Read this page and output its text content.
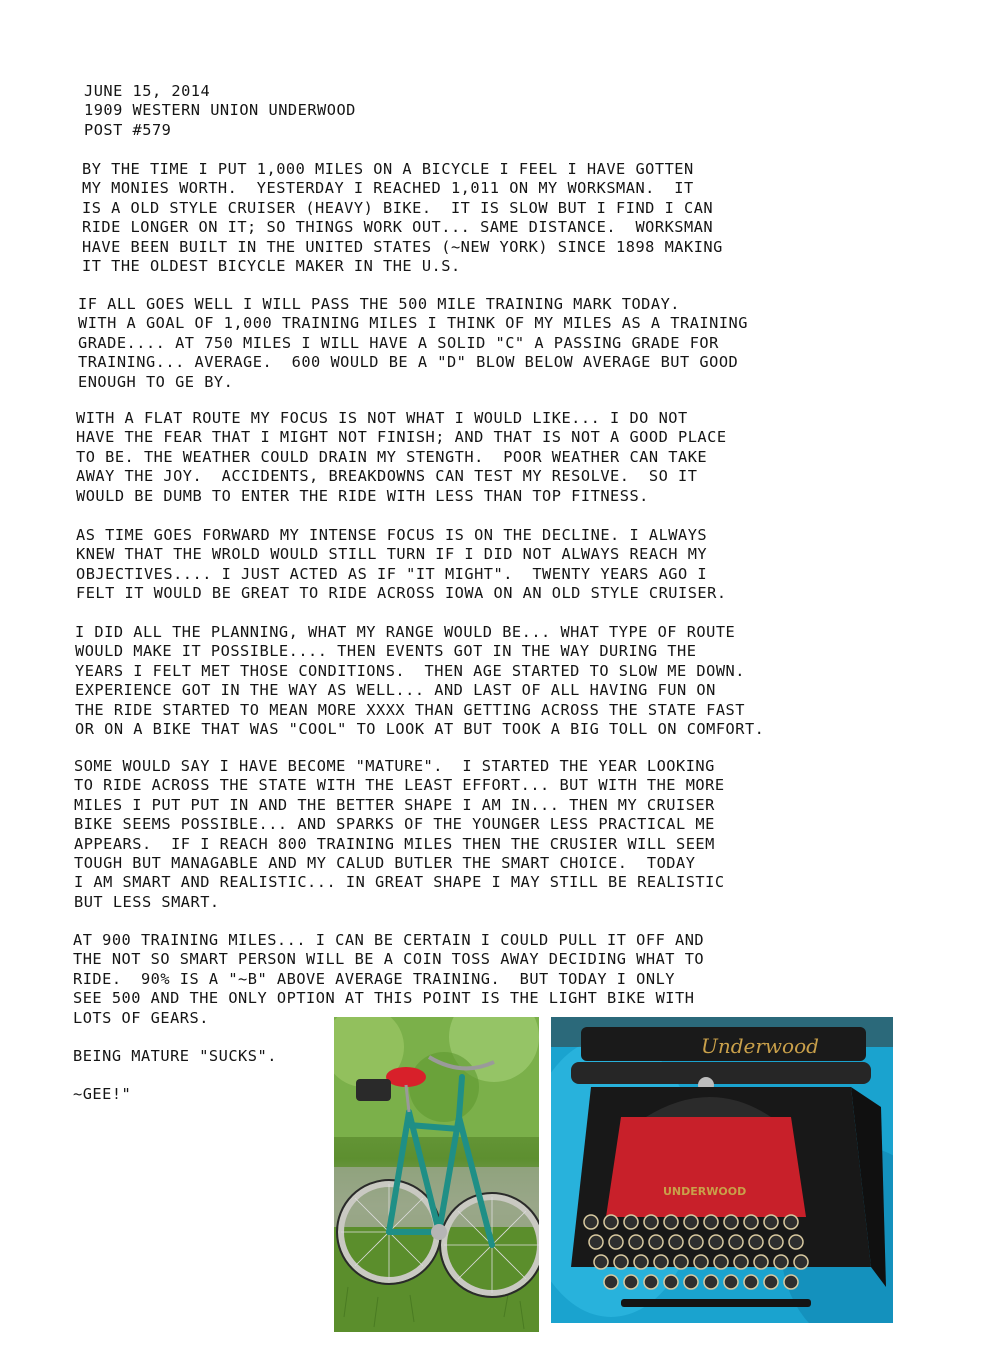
JUNE 15, 2014
1909 WESTERN UNION UNDERWOOD
POST #579
BY THE TIME I PUT 1,000 MILES ON A BICYCLE I FEEL I HAVE GOTTEN
MY MONIES WORTH.  YESTERDAY I REACHED 1,011 ON MY WORKSMAN.  IT
IS A OLD STYLE CRUISER (HEAVY) BIKE.  IT IS SLOW BUT I FIND I CAN
RIDE LONGER ON IT; SO THINGS WORK OUT... SAME DISTANCE.  WORKSMAN
HAVE BEEN BUILT IN THE UNITED STATES (~NEW YORK) SINCE 1898 MAKING
IT THE OLDEST BICYCLE MAKER IN THE U.S.
IF ALL GOES WELL I WILL PASS THE 500 MILE TRAINING MARK TODAY.
WITH A GOAL OF 1,000 TRAINING MILES I THINK OF MY MILES AS A TRAINING
GRADE.... AT 750 MILES I WILL HAVE A SOLID "C" A PASSING GRADE FOR
TRAINING... AVERAGE.  600 WOULD BE A "D" BLOW BELOW AVERAGE BUT GOOD
ENOUGH TO GE BY.
WITH A FLAT ROUTE MY FOCUS IS NOT WHAT I WOULD LIKE... I DO NOT
HAVE THE FEAR THAT I MIGHT NOT FINISH; AND THAT IS NOT A GOOD PLACE
TO BE. THE WEATHER COULD DRAIN MY STENGTH.  POOR WEATHER CAN TAKE
AWAY THE JOY.  ACCIDENTS, BREAKDOWNS CAN TEST MY RESOLVE.  SO IT
WOULD BE DUMB TO ENTER THE RIDE WITH LESS THAN TOP FITNESS.
AS TIME GOES FORWARD MY INTENSE FOCUS IS ON THE DECLINE. I ALWAYS
KNEW THAT THE WROLD WOULD STILL TURN IF I DID NOT ALWAYS REACH MY
OBJECTIVES.... I JUST ACTED AS IF "IT MIGHT".  TWENTY YEARS AGO I
FELT IT WOULD BE GREAT TO RIDE ACROSS IOWA ON AN OLD STYLE CRUISER.
I DID ALL THE PLANNING, WHAT MY RANGE WOULD BE... WHAT TYPE OF ROUTE
WOULD MAKE IT POSSIBLE.... THEN EVENTS GOT IN THE WAY DURING THE
YEARS I FELT MET THOSE CONDITIONS.  THEN AGE STARTED TO SLOW ME DOWN.
EXPERIENCE GOT IN THE WAY AS WELL... AND LAST OF ALL HAVING FUN ON
THE RIDE STARTED TO MEAN MORE XXXX THAN GETTING ACROSS THE STATE FAST
OR ON A BIKE THAT WAS "COOL" TO LOOK AT BUT TOOK A BIG TOLL ON COMFORT.
SOME WOULD SAY I HAVE BECOME "MATURE".  I STARTED THE YEAR LOOKING
TO RIDE ACROSS THE STATE WITH THE LEAST EFFORT... BUT WITH THE MORE
MILES I PUT PUT IN AND THE BETTER SHAPE I AM IN... THEN MY CRUISER
BIKE SEEMS POSSIBLE... AND SPARKS OF THE YOUNGER LESS PRACTICAL ME
APPEARS.  IF I REACH 800 TRAINING MILES THEN THE CRUSIER WILL SEEM
TOUGH BUT MANAGABLE AND MY CALUD BUTLER THE SMART CHOICE.  TODAY
I AM SMART AND REALISTIC... IN GREAT SHAPE I MAY STILL BE REALISTIC
BUT LESS SMART.
AT 900 TRAINING MILES... I CAN BE CERTAIN I COULD PULL IT OFF AND
THE NOT SO SMART PERSON WILL BE A COIN TOSS AWAY DECIDING WHAT TO
RIDE.  90% IS A "~B" ABOVE AVERAGE TRAINING.  BUT TODAY I ONLY
SEE 500 AND THE ONLY OPTION AT THIS POINT IS THE LIGHT BIKE WITH
LOTS OF GEARS.
BEING MATURE "SUCKS".
~GEE!"
Underwood
UNDERWOOD
